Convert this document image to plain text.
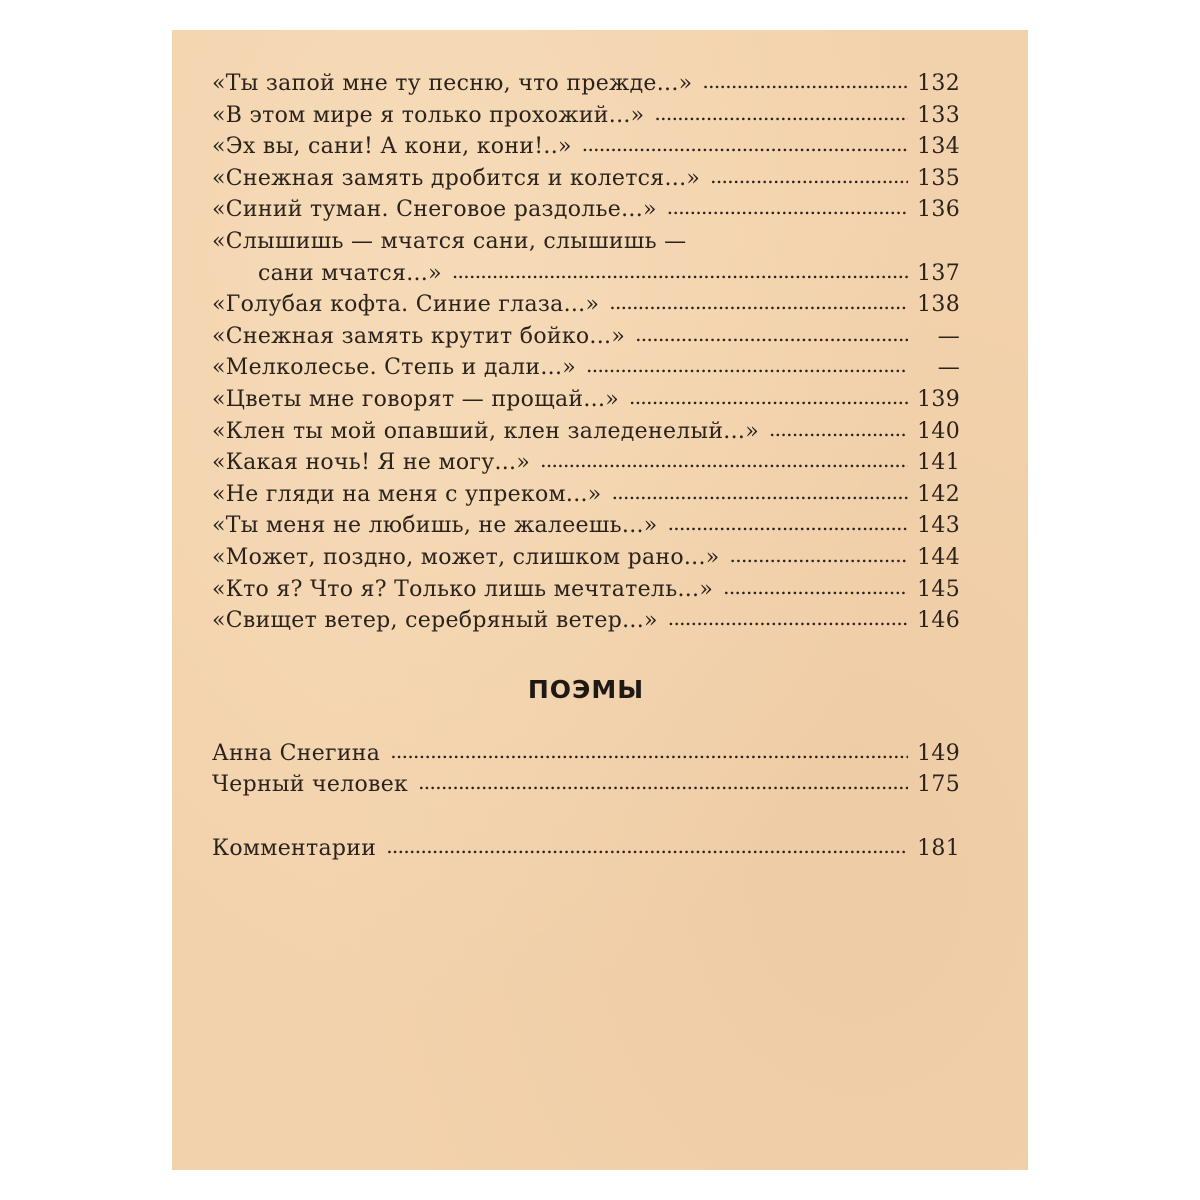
«Ты запой мне ту песню, что прежде...» . . .	132
«В этом мире я только прохожий...» . . .	133
«Эх вы, сани! А кони, кони!..» . . .	134
«Снежная замять дробится и колется...» . . .	135
«Синий туман. Снеговое раздолье...» . . .	136
«Слышишь — мчатся сани, слышишь —
сани мчатся...» . . .	137
«Голубая кофта. Синие глаза...» . . .	138
«Снежная замять крутит бойко...» . . .	—
«Мелколесье. Степь и дали...» . . .	—
«Цветы мне говорят — прощай...» . . .	139
«Клен ты мой опавший, клен заледенелый...» . . .	140
«Какая ночь! Я не могу...» . . .	141
«Не гляди на меня с упреком...» . . .	142
«Ты меня не любишь, не жалеешь...» . . .	143
«Может, поздно, может, слишком рано...» . . .	144
«Кто я? Что я? Только лишь мечтатель...» . . .	145
«Свищет ветер, серебряный ветер...» . . .	146
ПОЭМЫ
Анна Снегина . . .	149
Черный человек . . .	175
Комментарии . . .	181
